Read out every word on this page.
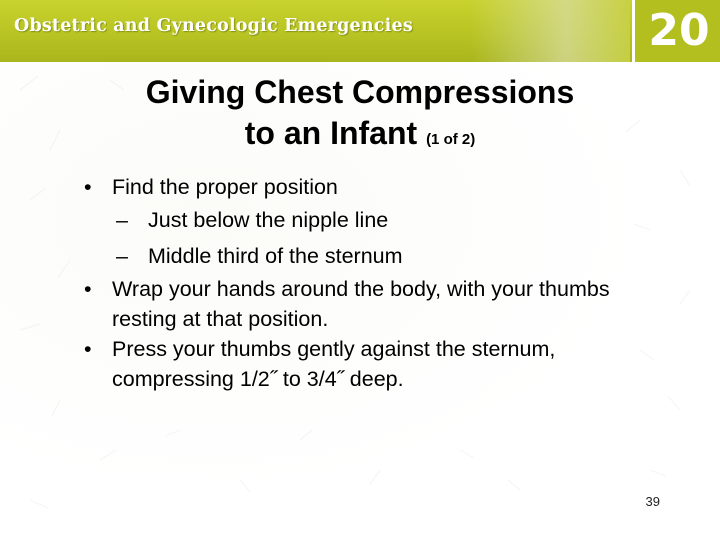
Obstetric and Gynecologic Emergencies	20
Giving Chest Compressions
to an Infant (1 of 2)
• Find the proper position
– Just below the nipple line
– Middle third of the sternum
• Wrap your hands around the body, with your thumbs resting at that position.
• Press your thumbs gently against the sternum, compressing 1/2˝ to 3/4˝ deep.
39
